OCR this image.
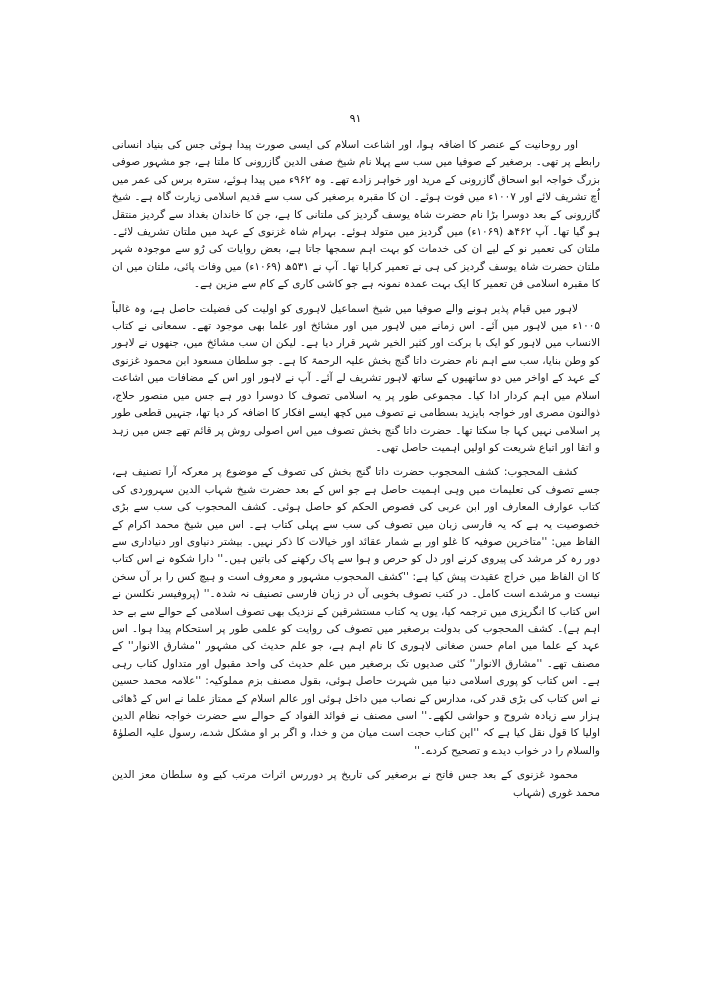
۹۱

اور روحانیت کے عنصر کا اضافہ ہوا، اور اشاعت اسلام کی ایسی صورت پیدا ہوئی جس کی بنیاد انسانی رابطے پر تھی۔ برصغیر کے صوفیا میں سب سے پہلا نام شیخ صفی الدین گازرونی کا ملتا ہے، جو مشہور صوفی بزرگ خواجہ ابو اسحاق گازرونی کے مرید اور خواہر زادے تھے۔ وہ ۹۶۲ء میں پیدا ہوئے، سترہ برس کی عمر میں اُچ تشریف لائے اور ۱۰۰۷ء میں فوت ہوئے۔ ان کا مقبرہ برصغیر کی سب سے قدیم اسلامی زیارت گاہ ہے۔ شیخ گازرونی کے بعد دوسرا بڑا نام حضرت شاہ یوسف گردیز کی ملتانی کا ہے، جن کا خاندان بغداد سے گردیز منتقل ہو گیا تھا۔ آپ ۴۶۲ھ (۱۰۶۹ء) میں گردیز میں متولد ہوئے۔ بہرام شاہ غزنوی کے عہد میں ملتان تشریف لائے۔ ملتان کی تعمیر نو کے لیے ان کی خدمات کو بہت اہم سمجھا جاتا ہے، بعض روایات کی رُو سے موجودہ شہر ملتان حضرت شاہ یوسف گردیز کی ہی نے تعمیر کرایا تھا۔ آپ نے ۵۳۱ھ (۱۰۶۹ء) میں وفات پائی، ملتان میں ان کا مقبرہ اسلامی فن تعمیر کا ایک بہت عمدہ نمونہ ہے جو کاشی کاری کے کام سے مزین ہے۔

لاہور میں قیام پذیر ہونے والے صوفیا میں شیخ اسماعیل لاہوری کو اولیت کی فضیلت حاصل ہے، وہ غالباً ۱۰۰۵ء میں لاہور میں آئے۔ اس زمانے میں لاہور میں اور مشائخ اور علما بھی موجود تھے۔ سمعانی نے کتاب الانساب میں لاہور کو ایک با برکت اور کثیر الخیر شہر قرار دیا ہے۔ لیکن ان سب مشائخ میں، جنھوں نے لاہور کو وطن بنایا، سب سے اہم نام حضرت داتا گنج بخش علیہ الرحمۃ کا ہے۔ جو سلطان مسعود ابن محمود غزنوی کے عہد کے اواخر میں دو ساتھیوں کے ساتھ لاہور تشریف لے آئے۔ آپ نے لاہور اور اس کے مضافات میں اشاعت اسلام میں اہم کردار ادا کیا۔ مجموعی طور پر یہ اسلامی تصوف کا دوسرا دور ہے جس میں منصور حلاج، ذوالنون مصری اور خواجہ بایزید بسطامی نے تصوف میں کچھ ایسے افکار کا اضافہ کر دیا تھا، جنہیں قطعی طور پر اسلامی نہیں کہا جا سکتا تھا۔ حضرت داتا گنج بخش تصوف میں اس اصولی روش پر قائم تھے جس میں زہد و اتقا اور اتباع شریعت کو اولیں اہمیت حاصل تھی۔

کشف المحجوب: کشف المحجوب حضرت داتا گنج بخش کی تصوف کے موضوع پر معرکہ آرا تصنیف ہے، جسے تصوف کی تعلیمات میں وہی اہمیت حاصل ہے جو اس کے بعد حضرت شیخ شہاب الدین سہروردی کی کتاب عوارف المعارف اور ابن عربی کی فصوص الحکم کو حاصل ہوئی۔ کشف المحجوب کی سب سے بڑی خصوصیت یہ ہے کہ یہ فارسی زبان میں تصوف کی سب سے پہلی کتاب ہے۔ اس میں شیخ محمد اکرام کے الفاظ میں: ''متاخرین صوفیہ کا غلو اور بے شمار عقائد اور خیالات کا ذکر نہیں۔ بیشتر دنیاوی اور دنیاداری سے دور رہ کر مرشد کی پیروی کرنے اور دل کو حرص و ہوا سے پاک رکھنے کی باتیں ہیں۔'' دارا شکوہ نے اس کتاب کا ان الفاظ میں خراج عقیدت پیش کیا ہے: ''کشف المحجوب مشہور و معروف است و ہیچ کس را بر آں سخن نیست و مرشدے است کامل۔ در کتب تصوف بخوبی آں در زبان فارسی تصنیف نہ شدہ۔'' (پروفیسر نکلسن نے اس کتاب کا انگریزی میں ترجمہ کیا، یوں یہ کتاب مستشرقین کے نزدیک بھی تصوف اسلامی کے حوالے سے بے حد اہم ہے)۔ کشف المحجوب کی بدولت برصغیر میں تصوف کی روایت کو علمی طور پر استحکام پیدا ہوا۔ اس عہد کے علما میں امام حسن صغانی لاہوری کا نام اہم ہے، جو علم حدیث کی مشہور ''مشارق الانوار'' کے مصنف تھے۔ ''مشارق الانوار'' کئی صدیوں تک برصغیر میں علم حدیث کی واحد مقبول اور متداول کتاب رہی ہے۔ اس کتاب کو پوری اسلامی دنیا میں شہرت حاصل ہوئی، بقول مصنف بزم مملوکیہ: ''علامہ محمد حسین نے اس کتاب کی بڑی قدر کی، مدارس کے نصاب میں داخل ہوئی اور عالم اسلام کے ممتاز علما نے اس کے ڈھائی ہزار سے زیادہ شروح و حواشی لکھے۔'' اسی مصنف نے فوائد الفواد کے حوالے سے حضرت خواجہ نظام الدین اولیا کا قول نقل کیا ہے کہ ''این کتاب حجت است میان من و خدا، و اگر بر او مشکل شدے، رسول علیہ الصلوٰۃ والسلام را در خواب دیدے و تصحیح کردے۔''

محمود غزنوی کے بعد جس فاتح نے برصغیر کی تاریخ پر دوررس اثرات مرتب کیے وہ سلطان معز الدین محمد غوری (شہاب
